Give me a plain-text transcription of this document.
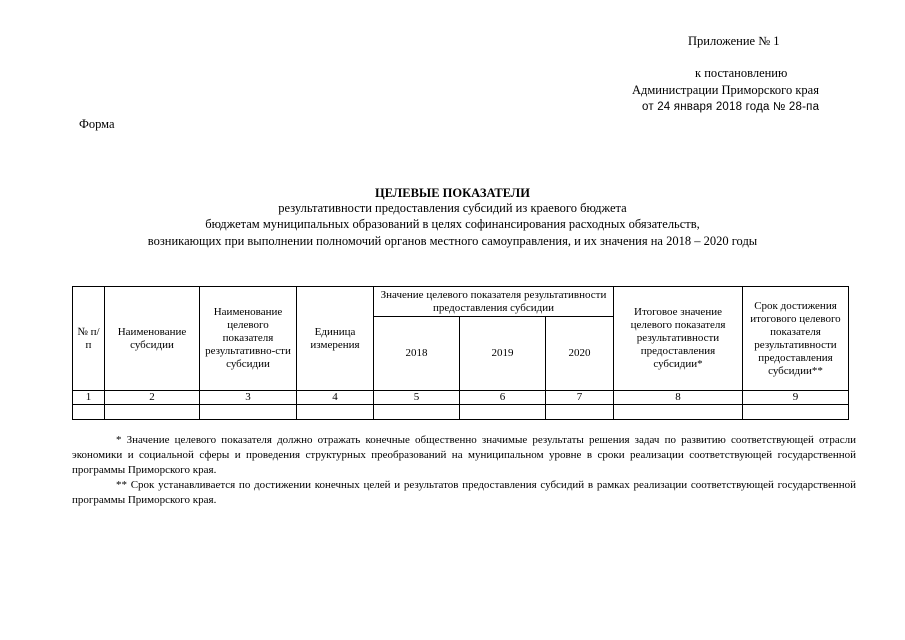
Приложение № 1
к постановлению
Администрации Приморского края
от 24 января 2018 года № 28-па
Форма
ЦЕЛЕВЫЕ ПОКАЗАТЕЛИ
результативности предоставления субсидий из краевого бюджета
бюджетам муниципальных образований в целях софинансирования расходных обязательств,
возникающих при выполнении полномочий органов местного самоуправления, и их значения на 2018 – 2020 годы
№ п/п	Наименование субсидии	Наименование целевого показателя результативно-сти субсидии	Единица измерения	Значение целевого показателя результативности предоставления субсидии			Итоговое значение целевого показателя результативности предоставления субсидии*	Срок достижения итогового целевого показателя результативности предоставления субсидии**
				2018	2019	2020		
1	2	3	4	5	6	7	8	9

* Значение целевого показателя должно отражать конечные общественно значимые результаты решения задач по развитию соответствующей отрасли экономики и социальной сферы и проведения структурных преобразований на муниципальном уровне в сроки реализации соответствующей государственной программы Приморского края.

** Срок устанавливается по достижении конечных целей и результатов предоставления субсидий в рамках реализации соответствующей государственной программы Приморского края.
